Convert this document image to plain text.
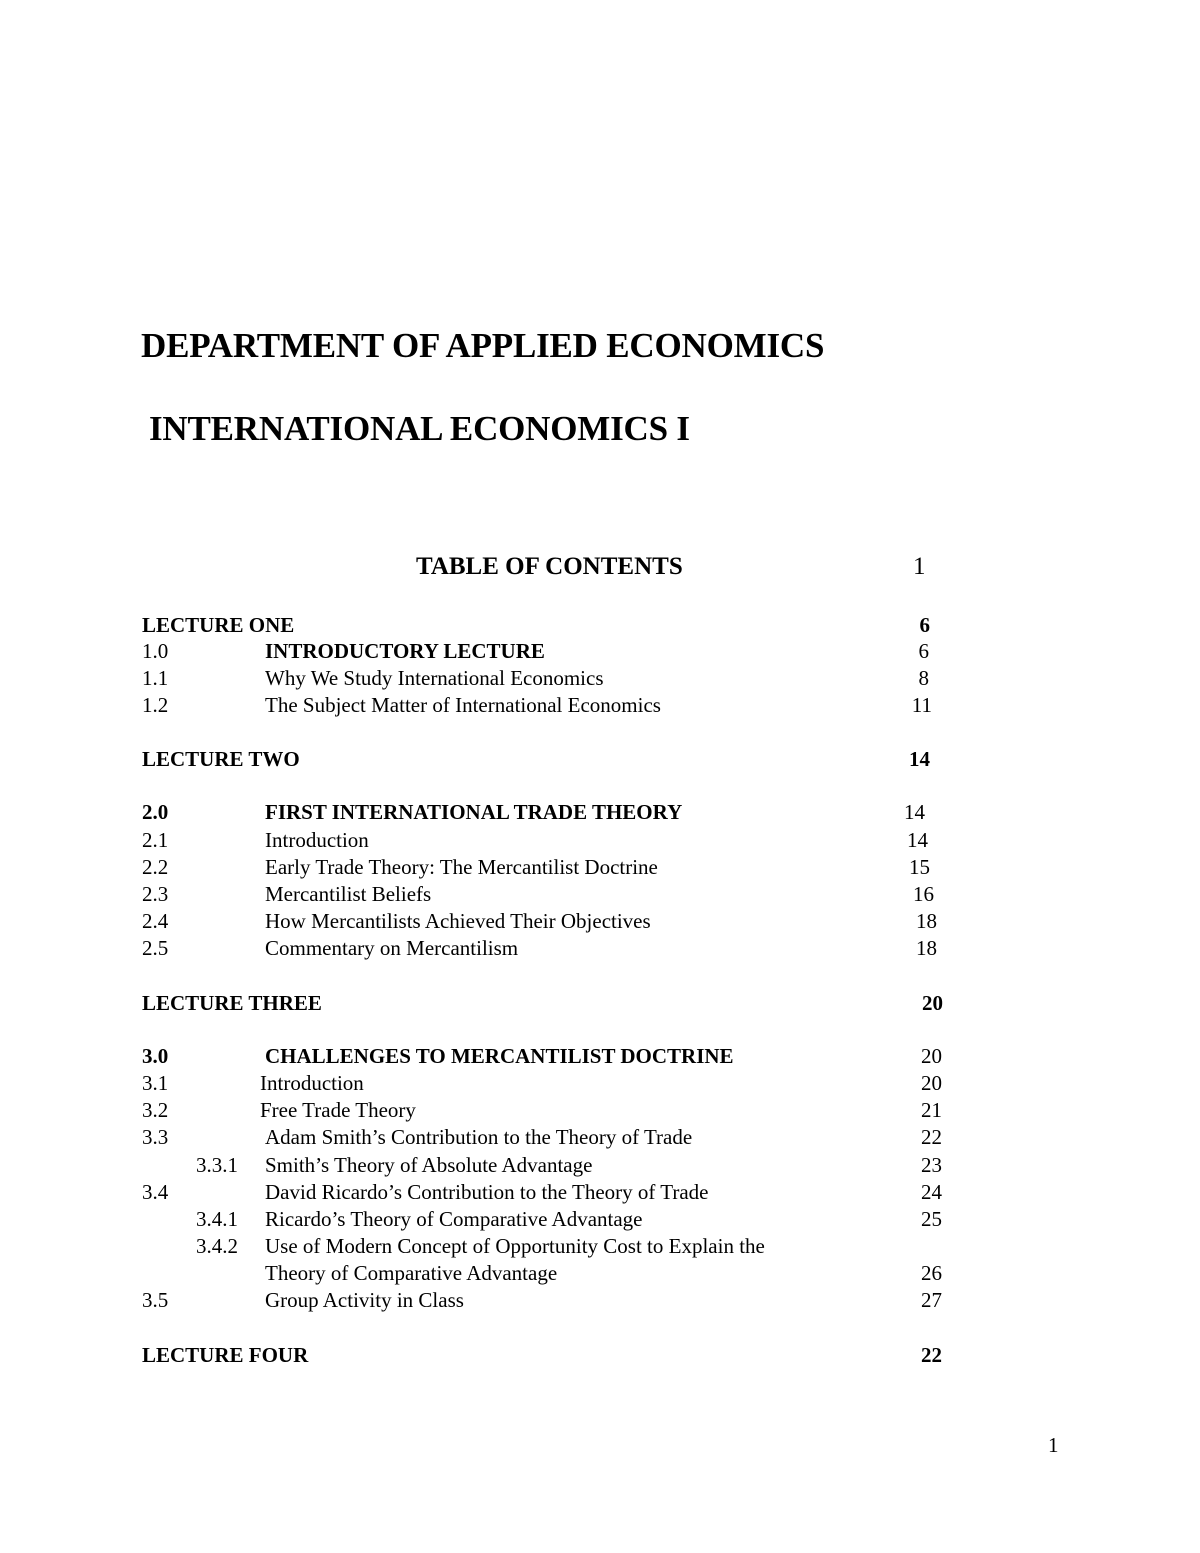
DEPARTMENT OF APPLIED ECONOMICS
INTERNATIONAL ECONOMICS I
TABLE OF CONTENTS	1
LECTURE ONE	6
1.0	INTRODUCTORY LECTURE	6
1.1	Why We Study International Economics	8
1.2	The Subject Matter of International Economics	11
LECTURE TWO	14
2.0	FIRST INTERNATIONAL TRADE THEORY	14
2.1	Introduction	14
2.2	Early Trade Theory: The Mercantilist Doctrine	15
2.3	Mercantilist Beliefs	16
2.4	How Mercantilists Achieved Their Objectives	18
2.5	Commentary on Mercantilism	18
LECTURE THREE	20
3.0	CHALLENGES TO MERCANTILIST DOCTRINE	20
3.1	Introduction	20
3.2	Free Trade Theory	21
3.3	Adam Smith’s Contribution to the Theory of Trade	22
3.3.1 Smith’s Theory of Absolute Advantage	23
3.4	David Ricardo’s Contribution to the Theory of Trade	24
3.4.1 Ricardo’s Theory of Comparative Advantage	25
3.4.2 Use of Modern Concept of Opportunity Cost to Explain the
Theory of Comparative Advantage	26
3.5	Group Activity in Class	27
LECTURE FOUR	22
1
